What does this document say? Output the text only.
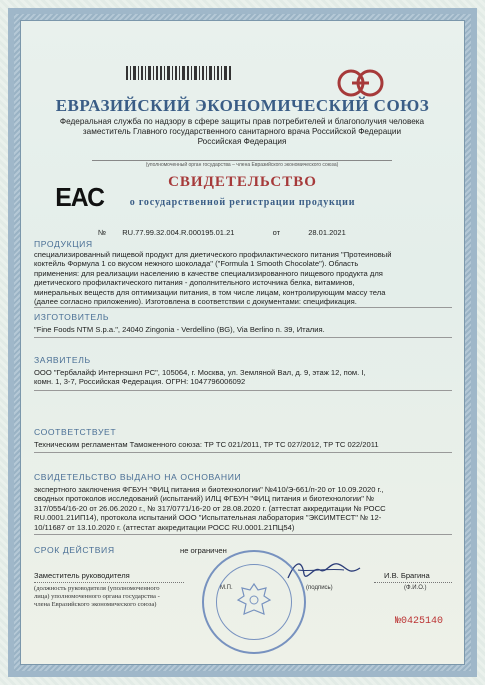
ЕВРАЗИЙСКИЙ ЭКОНОМИЧЕСКИЙ СОЮЗ
Федеральная служба по надзору в сфере защиты прав потребителей и благополучия человека
заместитель Главного государственного санитарного врача Российской Федерации
Российская Федерация
(уполномоченный орган государства – члена Евразийского экономического союза)
ЕАС	СВИДЕТЕЛЬСТВО
о государственной регистрации продукции
№ RU.77.99.32.004.R.000195.01.21	от	28.01.2021
ПРОДУКЦИЯ
специализированный пищевой продукт для диетического профилактического питания "Протеиновый
коктейль Формула 1 со вкусом нежного шоколада" ("Formula 1 Smooth Chocolate"). Область
применения: для реализации населению в качестве специализированного пищевого продукта для
диетического профилактического питания - дополнительного источника белка, витаминов,
минеральных веществ для оптимизации питания, в том числе лицам, контролирующим массу тела
(далее согласно приложению). Изготовлена в соответствии с документами: спецификация.
ИЗГОТОВИТЕЛЬ
"Fine Foods NTM S.p.a.", 24040 Zingonia - Verdellino (BG), Via Berlino n. 39, Италия.
ЗАЯВИТЕЛЬ
ООО "Гербалайф Интернэшнл РС", 105064, г. Москва, ул. Земляной Вал, д. 9, этаж 12, пом. I,
комн. 1, 3-7, Российская Федерация. ОГРН: 1047796006092
СООТВЕТСТВУЕТ
Техническим регламентам Таможенного союза: ТР ТС 021/2011, ТР ТС 027/2012, ТР ТС 022/2011
СВИДЕТЕЛЬСТВО ВЫДАНО НА ОСНОВАНИИ
экспертного заключения ФГБУН "ФИЦ питания и биотехнологии" №410/Э-661/п-20 от 10.09.2020 г.,
сводных протоколов исследований (испытаний) ИЛЦ ФГБУН "ФИЦ питания и биотехнологии" №
317/0554/16-20 от 26.06.2020 г., № 317/0771/16-20 от 28.08.2020 г. (аттестат аккредитации № РОСС
RU.0001.21ИП14), протокола испытаний ООО "Испытательная лаборатория "ЭКСИМТЕСТ" № 12-
10/11687 от 13.10.2020 г. (аттестат аккредитации РОСС RU.0001.21ПЦ54)
СРОК ДЕЙСТВИЯ	не ограничен
Заместитель руководителя	И.В. Брагина
(должность руководителя (уполномоченного
лица) уполномоченного органа государства -
члена Евразийского экономического союза)
М.П.	(подпись)	(Ф.И.О.)
№0425140
